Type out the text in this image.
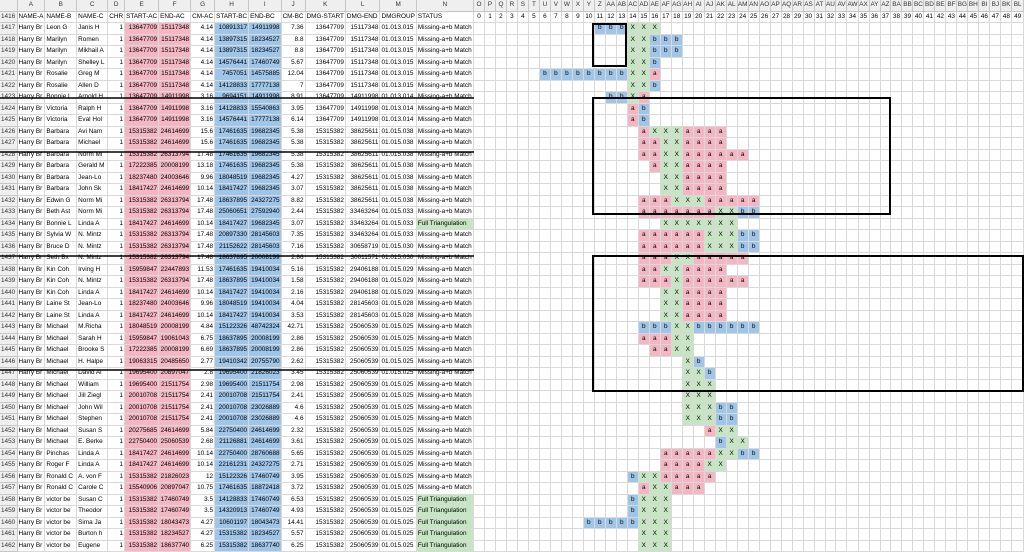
	A	B	C	D	E	F	G	H	I	J	K	L	M	N
1416	NAME-A	NAME-B	NAME-C	CHR	START-AC	END-AC	CM-AC	START-BC	END-BC	CM-BC	DMG-START	DMG-END	DMGROUP	STATUS
1417	Harry Br	Leon G	Janis H	1	13647709	15117348	4.14	10891317	14911998	7.36	13647709	15117348	01.013.015	Missing-a+b Match
1418	Harry Br	Marilyn	Romen	1	13647709	15117348	4.14	13897315	18234527	8.8	13647709	15117348	01.013.015	Missing-a+b Match
1419	Harry Br	Marilyn	Mikhail A	1	13647709	15117348	4.14	13897315	18234527	8.8	13647709	15117348	01.013.015	Missing-a+b Match
1420	Harry Br	Marilyn	Shelley L	1	13647709	15117348	4.14	14576441	17460749	5.67	13647709	15117348	01.013.015	Missing-a+b Match
1421	Harry Br	Rosalie	Greg M	1	13647709	15117348	4.14	7457051	14575885	12.04	13647709	15117348	01.013.015	Missing-a+b Match
1422	Harry Br	Rosalie	Allen D	1	13647709	15117348	4.14	14128833	17777138	7	13647709	15117348	01.013.015	Missing-a+b Match
1423	Harry Br	Bonnie L	Arnold H	1	13647709	14911998	3.16	9694151	14911998	8.91	13647709	14911998	01.013.014	Missing-a+b Match
1424	Harry Br	Victoria	Ralph H	1	13647709	14911998	3.16	14128833	15540863	3.95	13647709	14911998	01.013.014	Missing-a+b Match
1425	Harry Br	Victoria	Eval Hol	1	13647709	14911998	3.16	14576441	17777138	6.14	13647709	14911998	01.013.014	Missing-a+b Match
1426	Harry Br	Barbara	Avi Nam	1	15315382	24614699	15.6	17461635	19682345	5.38	15315382	38625611	01.015.038	Missing-a+b Match
1427	Harry Br	Barbara	Michael	1	15315382	24614699	15.6	17461635	19682345	5.38	15315382	38625611	01.015.038	Missing-a+b Match
1428	Harry Br	Barbara	Norm Mi	1	15315382	26313794	17.48	17461635	19682345	5.38	15315382	38625611	01.015.038	Missing-a+b Match
1429	Harry Br	Barbara	Gerald M	1	17222385	20008199	13.18	17461635	19682345	5.38	15315382	38625611	01.015.038	Missing-a+b Match
1430	Harry Br	Barbara	Jean-Lo	1	18237480	24003646	9.96	18048519	19682345	4.27	15315382	38625611	01.015.038	Missing-a+b Match
1431	Harry Br	Barbara	John Sk	1	18417427	24614699	10.14	18417427	19682345	3.07	15315382	38625611	01.015.038	Missing-a+b Match
1432	Harry Br	Edwin G	Norm Mi	1	15315382	26313794	17.48	18637895	24327275	8.82	15315382	38625611	01.015.038	Missing-a+b Match
1433	Harry Br	Beth Ast	Norm Mi	1	15315382	26313794	17.48	25060651	27592940	2.44	15315382	33463264	01.015.033	Missing-a+b Match
1434	Harry Br	Bonnie L	Linda A	1	18417427	24614699	10.14	18417427	19682345	3.07	15315382	33463264	01.015.033	Full Triangulation
1435	Harry Br	Sylvia W	N. Mintz	1	15315382	26313794	17.48	20897330	28145603	7.35	15315382	33463264	01.015.033	Missing-a+b Match
1436	Harry Br	Bruce D	N. Mintz	1	15315382	26313794	17.48	21152622	28145603	7.16	15315382	30658719	01.015.030	Missing-a+b Match
1437	Harry Br	Seth Bx	N. Mintz	1	15315382	26313794	17.48	18637895	20008199	2.86	15315382	30011571	01.015.030	Missing-a+b Match
1438	Harry Br	Kin Coh	Irving H	1	15959847	22447893	11.53	17461635	19410034	5.16	15315382	29406188	01.015.029	Missing-a+b Match
1439	Harry Br	Kin Coh	N. Mintz	1	15315382	26313794	17.48	18637895	19410034	1.58	15315382	29406188	01.015.029	Missing-a+b Match
1440	Harry Br	Kin Coh	Linda A	1	18417427	24614699	10.14	18417427	19410034	2.16	15315382	29406188	01.015.029	Missing-a+b Match
1441	Harry Br	Laine St	Jean-Lo	1	18237480	24003646	9.96	18048519	19410034	4.04	15315382	28145603	01.015.028	Missing-a+b Match
1442	Harry Br	Laine St	Linda A	1	18417427	24614699	10.14	18417427	19410034	3.53	15315382	28145603	01.015.028	Missing-a+b Match
1443	Harry Br	Michael	M.Richa	1	18048519	20008199	4.84	15122326	48742324	42.71	15315382	25060539	01.015.025	Missing-a+b Match
1444	Harry Br	Michael	Sarah H	1	15959847	19061043	6.75	18637895	20008199	2.86	15315382	25060539	01.015.025	Missing-a+b Match
1445	Harry Br	Michael	Brooke S	1	17222385	20008199	6.69	18637895	20008199	2.86	15315382	25060539	01.015.025	Missing-a+b Match
1446	Harry Br	Michael	H. Halpe	1	19063315	20485650	2.77	19410342	20755790	2.62	15315382	25060539	01.015.025	Missing-a+b Match
1447	Harry Br	Michael	David Al	1	19695400	20897047	2.8	19695400	21826023	3.45	15315382	25060539	01.015.025	Missing-a+b Match
1448	Harry Br	Michael	William	1	19695400	21511754	2.98	19695400	21511754	2.98	15315382	25060539	01.015.025	Missing-a+b Match
1449	Harry Br	Michael	Jill Ziegl	1	20010708	21511754	2.41	20010708	21511754	2.41	15315382	25060539	01.015.025	Missing-a+b Match
1450	Harry Br	Michael	John Wil	1	20010708	21511754	2.41	20010708	23026889	4.6	15315382	25060539	01.015.025	Missing-a+b Match
1451	Harry Br	Michael	Stephen	1	20010708	21511754	2.41	20010708	23026889	4.6	15315382	25060539	01.015.025	Missing-a+b Match
1452	Harry Br	Michael	Susan S	1	20275685	24614699	5.84	22750400	24614699	2.32	15315382	25060539	01.015.025	Missing-a+b Match
1453	Harry Br	Michael	E. Berke	1	22750400	25060539	2.68	21126881	24614699	3.61	15315382	25060539	01.015.025	Missing-a+b Match
1454	Harry Br	Pinchas	Linda A	1	18417427	24614699	10.14	22750400	28760688	5.65	15315382	25060539	01.015.025	Missing-a+b Match
1455	Harry Br	Roger F	Linda A	1	18417427	24614699	10.14	22161231	24327275	2.71	15315382	25060539	01.015.025	Missing-a+b Match
1456	Harry Br	Ronald C	A. von F	1	15315382	21826023	12	15122326	17460749	3.95	15315382	25060539	01.015.025	Missing-a+b Match
1457	Harry Br	Ronald C	Carole C	1	15540906	20897047	10.75	17461635	18872418	3.72	15315382	25060539	01.015.025	Missing-a+b Match
1458	Harry Br	victor be	Susan C	1	15315382	17460749	3.5	14128833	17460749	6.53	15315382	25060539	01.015.025	Full Triangulation
1459	Harry Br	victor be	Theodor	1	15315382	17460749	3.5	14320913	17460749	4.93	15315382	25060539	01.015.025	Full Triangulation
1460	Harry Br	victor be	Sima Ja	1	15315382	18043473	4.27	10601197	18043473	14.41	15315382	25060539	01.015.025	Full Triangulation
1461	Harry Br	victor be	Burton h	1	15315382	18234527	4.27	15315382	18234527	5.57	15315382	25060539	01.015.025	Full Triangulation
1462	Harry Br	victor be	Eugene	1	15315382	18637740	6.25	15315382	18637740	6.25	15315382	25060539	01.015.025	Full Triangulation
O	P	Q	R	S	T	U	V	W	X	Y	Z	AA	AB	AC	AD	AE	AF	AG	AH	AI	AJ	AK	AL	AM	AN	AO	AP	AQ	AR	AS	AT	AU	AV	AW	AX	AY	AZ	BA	BB	BC	BD	BE	BF	BG	BH	BI	BJ	BK	BL
0	1	2	3	4	5	6	7	8	9	10	11	12	13	14	15	16	17	18	19	20	21	22	23	24	25	26	27	28	29	30	31	32	33	34	35	36	37	38	39	40	41	42	43	44	45	46	47	48	49
											b	b	b	X	X	X																																	
														X	X	b	b	b																															
														X	X	b	b	b																															
														X	X	b																																	
						b	b	b	b	b	b	b	b	X	X	a																																	
														X	X	b																																	
												b	b	X	a																																		
														a	b																																		
														a	b																																		
															a	X	X	X	a	a	a	a																											
															a	a	X	X	a	a	a	a																											
															a	a	X	X	a	a	a	a	a	a																									
																a	X	X	a	a	a	a																											
																	X	X	a	a	a	a																											
																	X	X	a	a	a	a																											
															a	a	a	X	X	X	a	a	a	a	a																								
															a	a	a	a	a	a	a	X	X	b	b																								
																	X	X	X	X	X	X	X																										
															a	a	a	a	a	a	X	X	X	b	b																								
															a	a	a	a	a	a	X	X	X	b	b																								
															a	a	a	X	X	a	a	a	a	a																									
															a	a	X	X	a	a	a	a																											
															a	a	a	X	a	a	a	a	a	a																									
																	X	X	a	a	a	a																											
																	X	X	a	a	a	a																											
																	X	X	a	a	a	a																											
															b	b	b	X	X	b	b	b	b	b	b																								
															a	a	a	X	X																														
																a	a	X	X																														
																			X	b																													
																			X	X	b																												
																			X	X	X																												
																			X	X	X																												
																			X	X	X	b	b																										
																			X	X	X	b	b																										
																					a	X	X																										
																						b	X	X																									
																	a	a	a	a	a	X	X	b	b																								
																	a	a	a	a	X	X																											
														b	X	X	a	a	a	a	a																												
															a	X	X	a	a	a																													
														b	X	X	X																																
														b	X	X	X																																
										b	b	b	b	b	X	X	X																																
															X	X	X																																
															X	X	X																																
